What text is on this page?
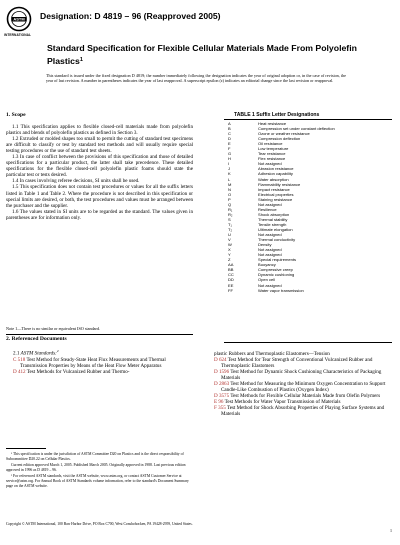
ASTM
INTERNATIONAL
Designation: D 4819 – 96 (Reapproved 2005)
Standard Specification for Flexible Cellular Materials Made From Polyolefin Plastics$^1$
This standard is issued under the fixed designation D 4819; the number immediately following the designation indicates the year of original adoption or, in the case of revision, the year of last revision. A number in parentheses indicates the year of last reapproval. A superscript epsilon (ε) indicates an editorial change since the last revision or reapproval.
1. Scope

1.1 This specification applies to flexible closed-cell materials made from polyolefin plastics and blends of polyolefin plastics as defined in Section 3.

1.2 Extruded or molded shapes too small to permit the cutting of standard test specimens are difficult to classify or test by standard test methods and will usually require special testing procedures or the use of standard test sheets.

1.3 In case of conflict between the provisions of this specification and those of detailed specifications for a particular product, the latter shall take precedence. These detailed specifications for the flexible closed-cell polyolefin plastic foams should state the particular test or tests desired.

1.4 In cases involving referee decisions, SI units shall be used.

1.5 This specification does not contain test procedures or values for all the suffix letters listed in Table 1 and Table 2. Where the procedure is not described in this specification or special limits are desired, or both, the test procedures and values must be arranged between the purchaser and the supplier.

1.6 The values stated in SI units are to be regarded as the standard. The values given in parentheses are for information only.

Note 1—There is no similar or equivalent ISO standard.
2. Referenced Documents

2.1 ASTM Standards:$^2$

C 518 Test Method for Steady-State Heat Flux Measurements and Thermal Transmission Properties by Means of the Heat Flow Meter Apparatus

D 412 Test Methods for Vulcanized Rubber and Thermo-

plastic Rubbers and Thermoplastic Elastomers—Tension

D 624 Test Method for Tear Strength of Conventional Vulcanized Rubber and Thermoplastic Elastomers

D 1596 Test Method for Dynamic Shock Cushioning Characteristics of Packaging Materials

D 2863 Test Method for Measuring the Minimum Oxygen Concentration to Support Candle-Like Combustion of Plastics (Oxygen Index)

D 3575 Test Methods for Flexible Cellular Materials Made from Olefin Polymers

E 96 Test Methods for Water Vapor Transmission of Materials

F 355 Test Method for Shock Absorbing Properties of Playing Surface Systems and Materials

¹ This specification is under the jurisdiction of ASTM Committee D20 on Plastics and is the direct responsibility of Subcommittee D20.22 on Cellular Plastics.

Current edition approved March 1, 2005. Published March 2005. Originally approved in 1988. Last previous edition approved in 1996 as D 4819 – 96.

² For referenced ASTM standards, visit the ASTM website, www.astm.org, or contact ASTM Customer Service at service@astm.org. For Annual Book of ASTM Standards volume information, refer to the standard's Document Summary page on the ASTM website.

Copyright © ASTM International, 100 Barr Harbor Drive, PO Box C700, West Conshohocken, PA 19428-2959, United States.
1
TABLE 1 Suffix Letter Designations
A	Heat resistance
B	Compression set under constant deflection
C	Ozone or weather resistance
D	Compression deflection
E	Oil resistance
F	Low temperature
G	Tear resistance
H	Flex resistance
I	Not assigned
J	Abrasion resistance
K	Adhesion capability
L	Water absorption
M	Flammability resistance
N	Impact resistance
O	Electrical properties
P	Staining resistance
Q	Not assigned
R₁	Resilience
R₂	Shock absorption
S	Thermal stability
T₁	Tensile strength
T₂	Ultimate elongation
U	Not assigned
V	Thermal conductivity
W	Density
X	Not assigned
Y	Not assigned
Z	Special requirements
AA	Buoyancy
BB	Compressive creep
CC	Dynamic cushioning
DD	Open cell
EE	Not assigned
FF	Water vapor transmission
